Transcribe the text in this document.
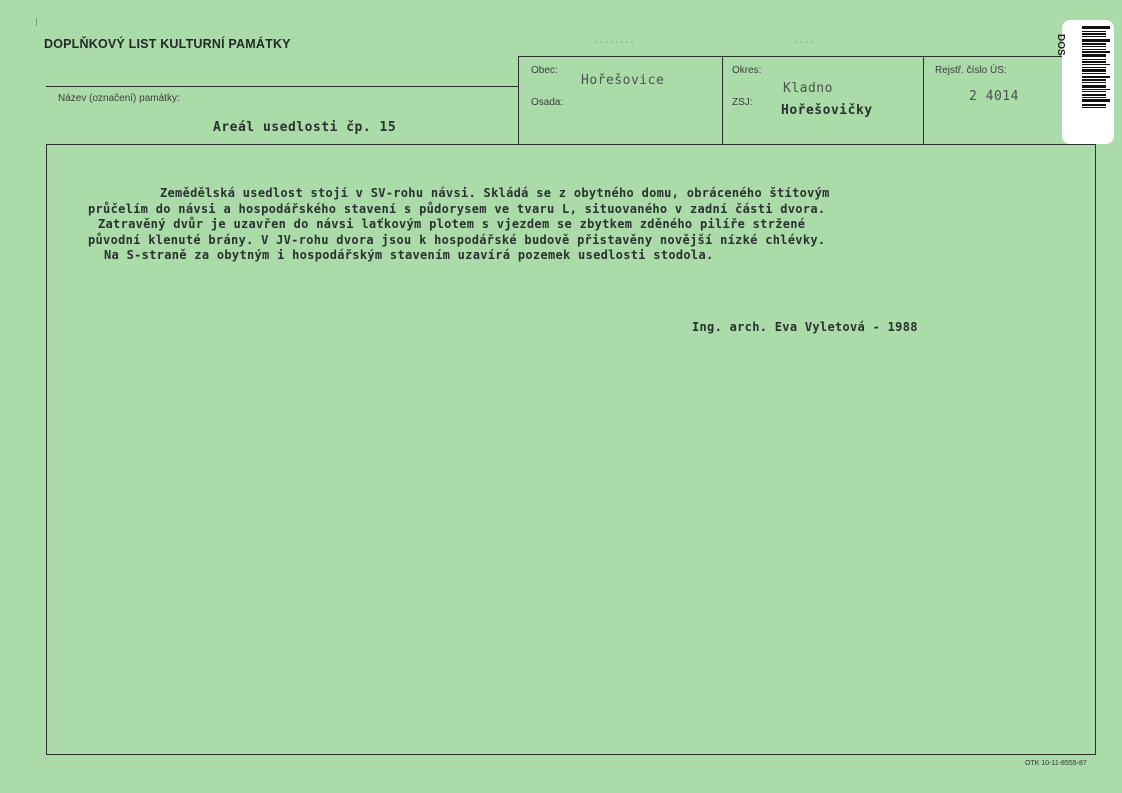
DOPLŇKOVÝ LIST KULTURNÍ PAMÁTKY	▪▪▪▪▪▪▪▪	▪▪▪▪
Obec:
Hořešovice
Osada:
Okres:
Kladno
ZSJ:
Hořešovičky
Rejstř. číslo ÚS:
2 4014
Název (označení) památky:
Areál usedlosti čp. 15

Zemědělská usedlost stojí v SV-rohu návsi. Skládá se z obytného domu, obráceného štítovým

průčelím do návsi a hospodářského stavení s půdorysem ve tvaru L, situovaného v zadní části dvora.

Zatravěný dvůr je uzavřen do návsi laťkovým plotem s vjezdem se zbytkem zděného pilíře stržené

původní klenuté brány. V JV-rohu dvora jsou k hospodářské budově přistavěny novější nízké chlévky.

Na S-straně za obytným i hospodářským stavením uzavírá pozemek usedlosti stodola.

Ing. arch. Eva Vyletová - 1988
OTK 10-11-8555-87
DOS
